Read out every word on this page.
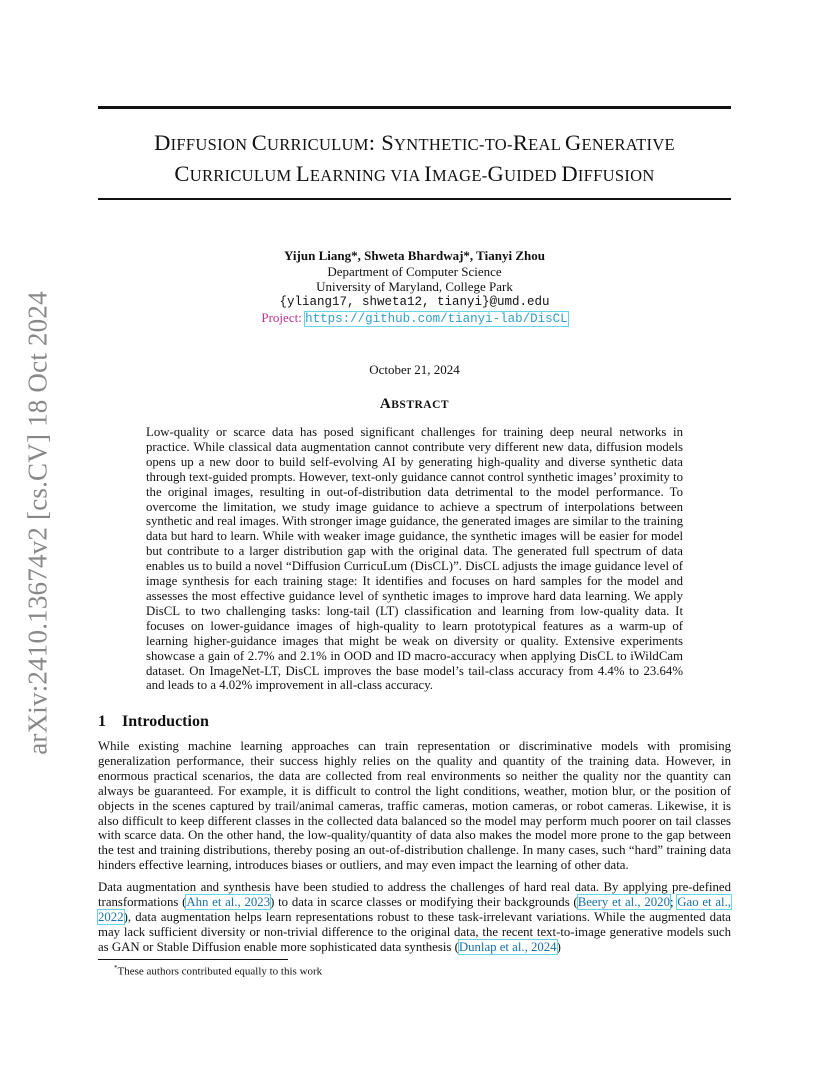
arXiv:2410.13674v2 [cs.CV] 18 Oct 2024
DIFFUSION CURRICULUM: SYNTHETIC-TO-REAL GENERATIVE
CURRICULUM LEARNING VIA IMAGE-GUIDED DIFFUSION
Yijun Liang*, Shweta Bhardwaj*, Tianyi Zhou
Department of Computer Science
University of Maryland, College Park
{yliang17, shweta12, tianyi}@umd.edu
Project: https://github.com/tianyi-lab/DisCL
October 21, 2024
ABSTRACT
Low-quality or scarce data has posed significant challenges for training deep neural networks in practice. While classical data augmentation cannot contribute very different new data, diffusion models opens up a new door to build self-evolving AI by generating high-quality and diverse synthetic data through text-guided prompts. However, text-only guidance cannot control synthetic images’ proximity to the original images, resulting in out-of-distribution data detrimental to the model performance. To overcome the limitation, we study image guidance to achieve a spectrum of interpolations between synthetic and real images. With stronger image guidance, the generated images are similar to the training data but hard to learn. While with weaker image guidance, the synthetic images will be easier for model but contribute to a larger distribution gap with the original data. The generated full spectrum of data enables us to build a novel “Diffusion CurricuLum (DisCL)”. DisCL adjusts the image guidance level of image synthesis for each training stage: It identifies and focuses on hard samples for the model and assesses the most effective guidance level of synthetic images to improve hard data learning. We apply DisCL to two challenging tasks: long-tail (LT) classification and learning from low-quality data. It focuses on lower-guidance images of high-quality to learn prototypical features as a warm-up of learning higher-guidance images that might be weak on diversity or quality. Extensive experiments showcase a gain of 2.7% and 2.1% in OOD and ID macro-accuracy when applying DisCL to iWildCam dataset. On ImageNet-LT, DisCL improves the base model’s tail-class accuracy from 4.4% to 23.64% and leads to a 4.02% improvement in all-class accuracy.
1 Introduction
While existing machine learning approaches can train representation or discriminative models with promising generalization performance, their success highly relies on the quality and quantity of the training data. However, in enormous practical scenarios, the data are collected from real environments so neither the quality nor the quantity can always be guaranteed. For example, it is difficult to control the light conditions, weather, motion blur, or the position of objects in the scenes captured by trail/animal cameras, traffic cameras, motion cameras, or robot cameras. Likewise, it is also difficult to keep different classes in the collected data balanced so the model may perform much poorer on tail classes with scarce data. On the other hand, the low-quality/quantity of data also makes the model more prone to the gap between the test and training distributions, thereby posing an out-of-distribution challenge. In many cases, such “hard” training data hinders effective learning, introduces biases or outliers, and may even impact the learning of other data.
Data augmentation and synthesis have been studied to address the challenges of hard real data. By applying pre-defined transformations (Ahn et al., 2023) to data in scarce classes or modifying their backgrounds (Beery et al., 2020; Gao et al., 2022), data augmentation helps learn representations robust to these task-irrelevant variations. While the augmented data may lack sufficient diversity or non-trivial difference to the original data, the recent text-to-image generative models such as GAN or Stable Diffusion enable more sophisticated data synthesis (Dunlap et al., 2024)
*These authors contributed equally to this work
